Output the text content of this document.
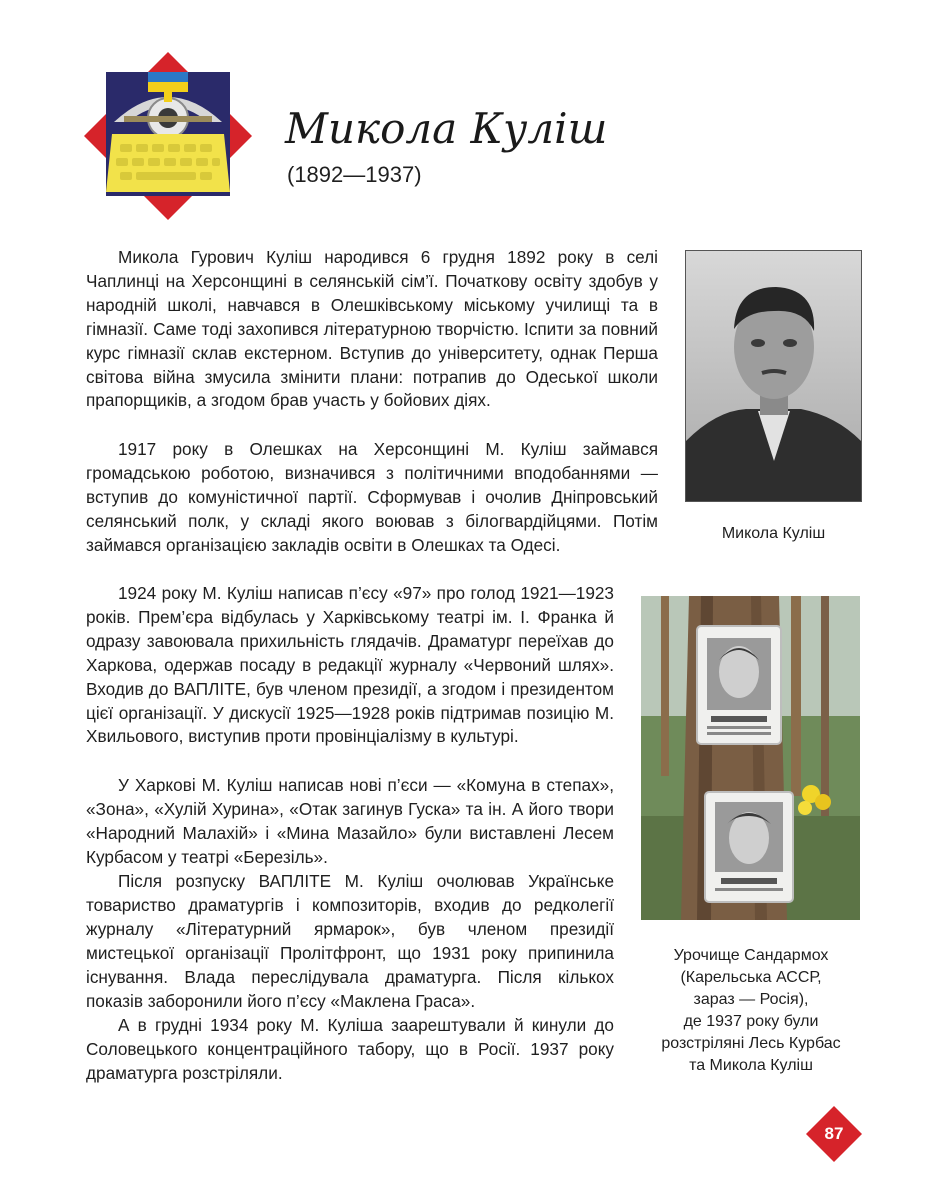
Микола Куліш
(1892—1937)

Микола Гурович Куліш народився 6 грудня 1892 року в селі Чаплинці на Херсонщині в селянській сім’ї. Початкову освіту здобув у народній школі, навчався в Олешківському міському училищі та в гімназії. Саме тоді захопився літературною творчістю. Іспити за повний курс гімназії склав екстерном. Вступив до університету, однак Перша світова війна змусила змінити плани: потрапив до Одеської школи прапорщиків, а згодом брав участь у бойових діях.

1917 року в Олешках на Херсонщині М. Куліш займався громадською роботою, визначився з політичними вподобаннями — вступив до комуністичної партії. Сформував і очолив Дніпровський селянський полк, у складі якого воював з білогвардійцями. Потім займався організацією закладів освіти в Олешках та Одесі.

1924 року М. Куліш написав п’єсу «97» про голод 1921—1923 років. Прем’єра відбулась у Харківському театрі ім. І. Франка й одразу завоювала прихильність глядачів. Драматург переїхав до Харкова, одержав посаду в редакції журналу «Червоний шлях». Входив до ВАПЛІТЕ, був членом президії, а згодом і президентом цієї організації. У дискусії 1925—1928 років підтримав позицію М. Хвильового, виступив проти провінціалізму в культурі.

У Харкові М. Куліш написав нові п’єси — «Комуна в степах», «Зона», «Хулій Хурина», «Отак загинув Гуска» та ін. А його твори «Народний Малахій» і «Мина Мазайло» були виставлені Лесем Курбасом у театрі «Березіль».

Після розпуску ВАПЛІТЕ М. Куліш очолював Українське товариство драматургів і композиторів, входив до редколегії журналу «Літературний ярмарок», був членом президії мистецької організації Пролітфронт, що 1931 року припинила існування. Влада переслідувала драматурга. Після кількох показів заборонили його п’єсу «Маклена Граса».

А в грудні 1934 року М. Куліша заарештували й кинули до Соловецького концентраційного табору, що в Росії. 1937 року драматурга розстріляли.

Микола Куліш
Урочище Сандармох
(Карельська АССР,
зараз — Росія),
де 1937 року були
розстріляні Лесь Курбас
та Микола Куліш
87
